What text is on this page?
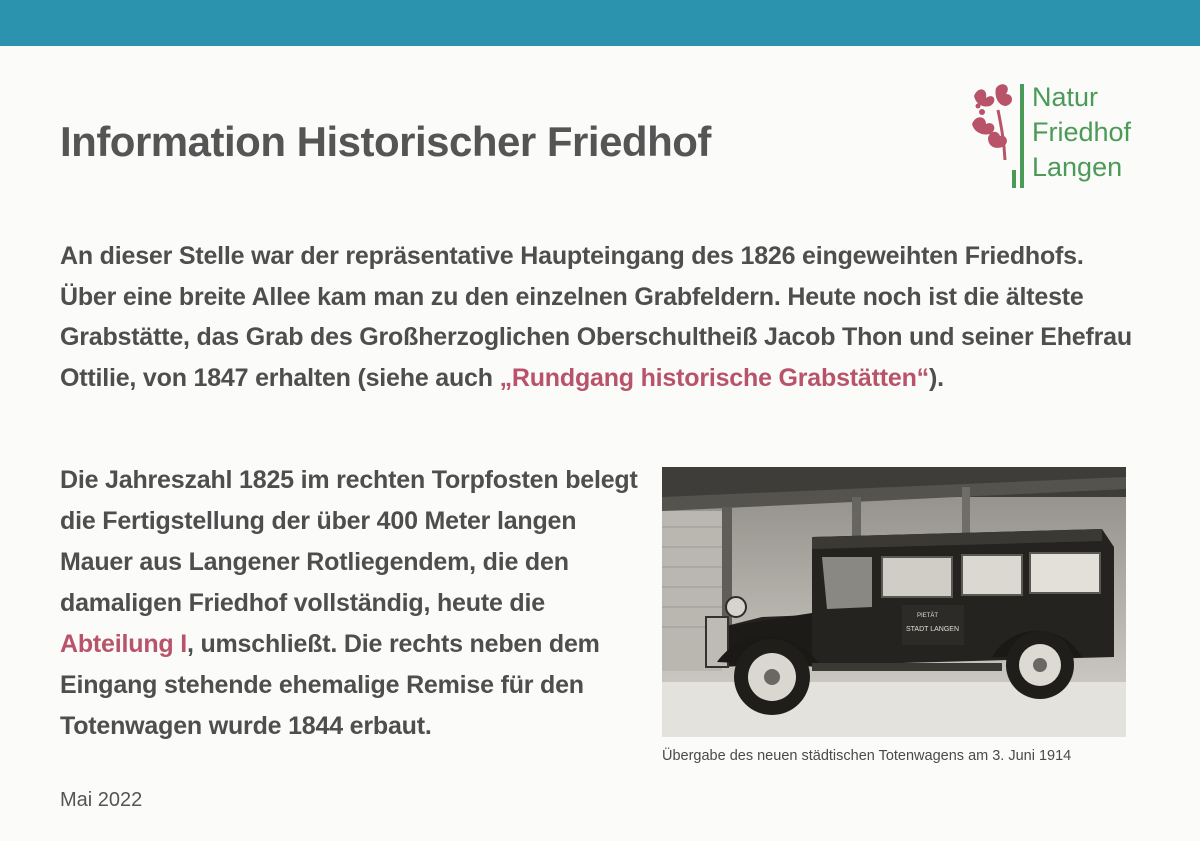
Information Historischer Friedhof
Natur
Friedhof
Langen

An dieser Stelle war der repräsentative Haupteingang des 1826 eingeweihten Friedhofs. Über eine breite Allee kam man zu den einzelnen Grabfeldern. Heute noch ist die älteste Grabstätte, das Grab des Großherzoglichen Oberschultheiß Jacob Thon und seiner Ehefrau Ottilie, von 1847 erhalten (siehe auch „Rundgang historische Grabstätten“).

Die Jahreszahl 1825 im rechten Torpfosten belegt die Fertigstellung der über 400 Meter langen Mauer aus Langener Rotliegendem, die den damaligen Friedhof vollständig, heute die Abteilung I, umschließt. Die rechts neben dem Eingang stehende ehemalige Remise für den Totenwagen wurde 1844 erbaut.

PIETÄT
STADT LANGEN
Übergabe des neuen städtischen Totenwagens am 3. Juni 1914
Mai 2022
